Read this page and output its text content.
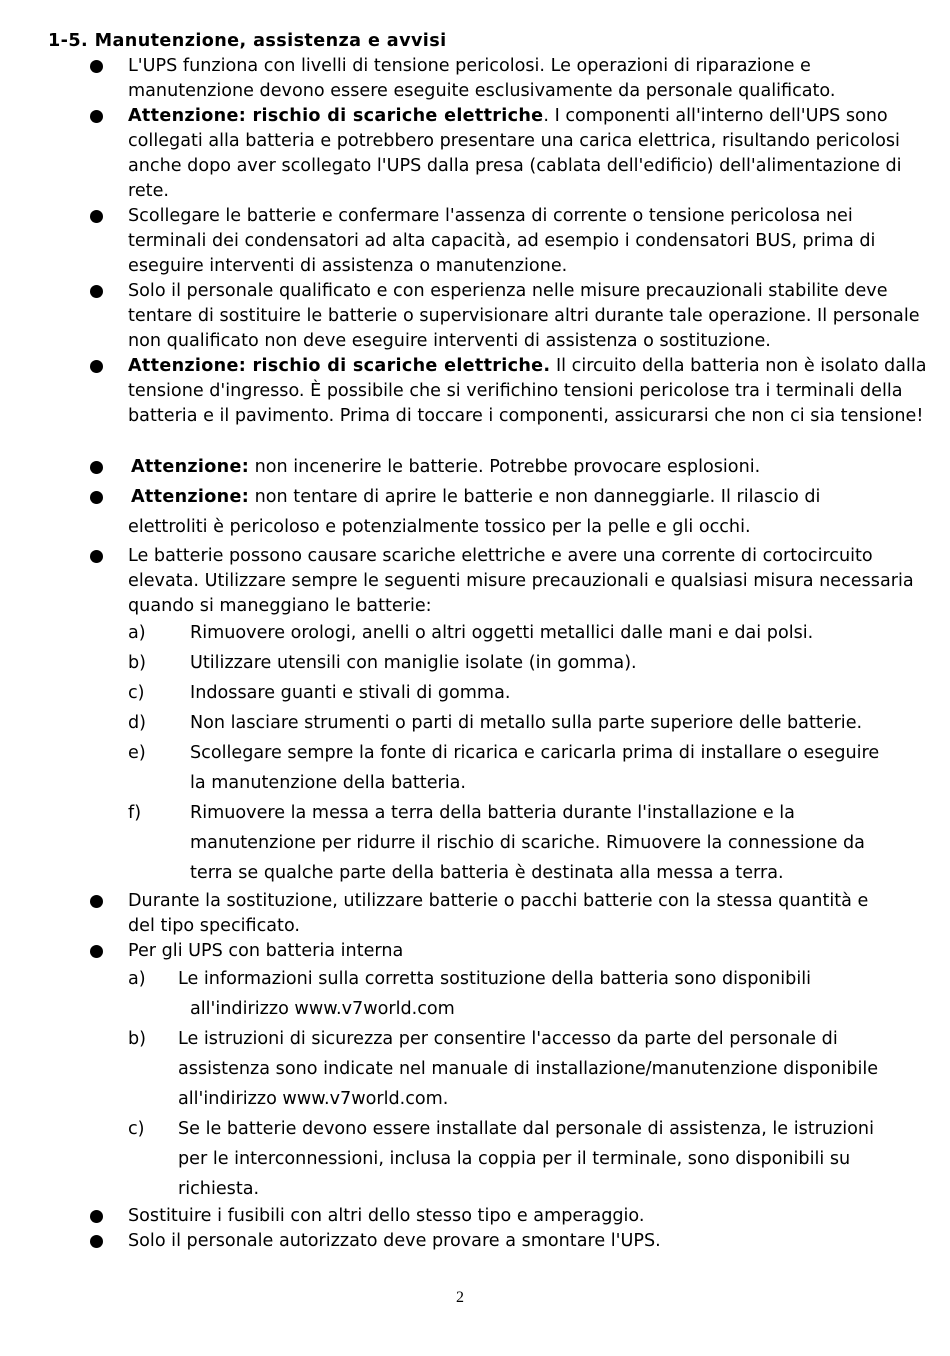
1-5. Manutenzione, assistenza e avvisi
L'UPS funziona con livelli di tensione pericolosi. Le operazioni di riparazione e manutenzione devono essere eseguite esclusivamente da personale qualificato.
Attenzione: rischio di scariche elettriche. I componenti all'interno dell'UPS sono collegati alla batteria e potrebbero presentare una carica elettrica, risultando pericolosi anche dopo aver scollegato l'UPS dalla presa (cablata dell'edificio) dell'alimentazione di rete.
Scollegare le batterie e confermare l'assenza di corrente o tensione pericolosa nei terminali dei condensatori ad alta capacità, ad esempio i condensatori BUS, prima di eseguire interventi di assistenza o manutenzione.
Solo il personale qualificato e con esperienza nelle misure precauzionali stabilite deve tentare di sostituire le batterie o supervisionare altri durante tale operazione. Il personale non qualificato non deve eseguire interventi di assistenza o sostituzione.
Attenzione: rischio di scariche elettriche. Il circuito della batteria non è isolato dalla tensione d'ingresso. È possibile che si verifichino tensioni pericolose tra i terminali della batteria e il pavimento. Prima di toccare i componenti, assicurarsi che non ci sia tensione!
Attenzione: non incenerire le batterie. Potrebbe provocare esplosioni.
Attenzione: non tentare di aprire le batterie e non danneggiarle. Il rilascio di elettroliti è pericoloso e potenzialmente tossico per la pelle e gli occhi.
Le batterie possono causare scariche elettriche e avere una corrente di cortocircuito elevata. Utilizzare sempre le seguenti misure precauzionali e qualsiasi misura necessaria quando si maneggiano le batterie:
a)	Rimuovere orologi, anelli o altri oggetti metallici dalle mani e dai polsi.
b) Utilizzare utensili con maniglie isolate (in gomma).
c)	Indossare guanti e stivali di gomma.
d) Non lasciare strumenti o parti di metallo sulla parte superiore delle batterie.
e)	Scollegare sempre la fonte di ricarica e caricarla prima di installare o eseguire la manutenzione della batteria.
f)	Rimuovere la messa a terra della batteria durante l'installazione e la manutenzione per ridurre il rischio di scariche. Rimuovere la connessione da terra se qualche parte della batteria è destinata alla messa a terra.
Durante la sostituzione, utilizzare batterie o pacchi batterie con la stessa quantità e del tipo specificato.
Per gli UPS con batteria interna
a) Le informazioni sulla corretta sostituzione della batteria sono disponibili
all'indirizzo www.v7world.com
b) Le istruzioni di sicurezza per consentire l'accesso da parte del personale di assistenza sono indicate nel manuale di installazione/manutenzione disponibile all'indirizzo www.v7world.com.
c) Se le batterie devono essere installate dal personale di assistenza, le istruzioni per le interconnessioni, inclusa la coppia per il terminale, sono disponibili su richiesta.
Sostituire i fusibili con altri dello stesso tipo e amperaggio.
Solo il personale autorizzato deve provare a smontare l'UPS.
2
